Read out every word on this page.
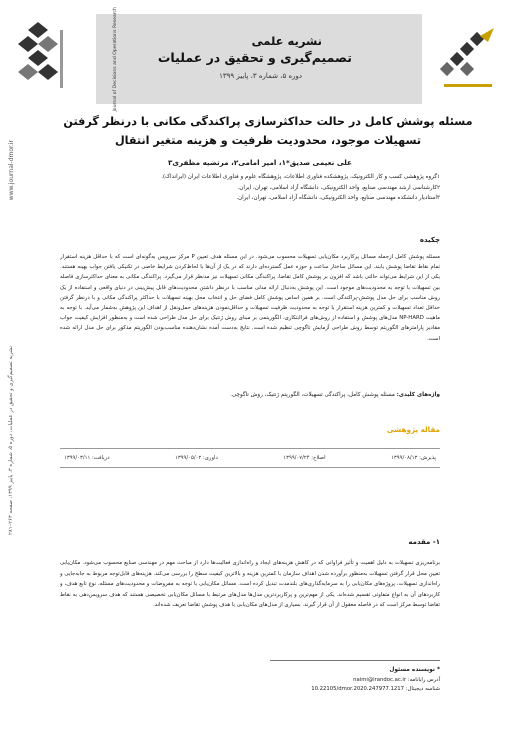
Journal of Decisions and Operations Research	نشریه علمی
تصمیم‌گیری و تحقیق در عملیات
دوره ۵، شماره ۳، پاییز ۱۳۹۹
www.journal-dmor.ir
نشریه تصمیم‌گیری و تحقیق در عملیات، دوره ۵، شماره ۳، پاییز ۱۳۹۹، صفحه ۲۶۳–۲۸۱
مسئله پوشش کامل در حالت حداکثرسازی پراکندگی مکانی با درنظر گرفتن تسهیلات موجود، محدودیت ظرفیت و هزینه متغیر انتقال
علی نعیمی صدیق*۱، امیر امامی۲، مرتضیه مظفری۳
۱گروه پژوهشی کسب و کار الکترونیک، پژوهشکده فناوری اطلاعات، پژوهشگاه علوم و فناوری اطلاعات ایران (ایرانداک).
۲کارشناسی ارشد مهندسی صنایع، واحد الکترونیکی، دانشگاه آزاد اسلامی، تهران، ایران.
۳استادیار دانشکده مهندسی صنایع، واحد الکترونیکی، دانشگاه آزاد اسلامی، تهران، ایران.
چکیده
مسئله پوشش کامل ازجمله مسائل پرکاربرد مکان‌یابی تسهیلات محسوب می‌شود. در این مسئله هدف تعیین P مرکز سرویس به‌گونه‌ای است که با حداقل هزینه استقرار تمام نقاط تقاضا پوشش یابند. این مسائل ساختار ساعت و حوزه عمل گسترده‌ای دارند که در یک از آن‌ها با لحاظ‌کردن شرایط خاصی در تکنیکی یافتن جواب بهینه هستند. یکی از این شرایط می‌تواند حالتی باشد که افزون بر پوشش کامل تقاضا، پراکندگی مکانی تسهیلات نیز مدنظر قرار می‌گیرد. پراکندگی مکانی به معنای حداکثرسازی فاصله بین تسهیلات با توجه به محدودیت‌های موجود است. این پوشش به‌دنبال ارائه مدلی مناسب با درنظر داشتن محدودیت‌های قابل پیش‌بینی در دنیای واقعی و استفاده از یک روش مناسب برای حل مدل پوشش-پراکندگی است. بر همین اساس پوشش کامل فضای حل و انتخاب محل بهینه تسهیلات با حداکثر پراکندگی مکانی و با درنظر گرفتن حداقل تعداد تسهیلات و کمترین هزینه استقرار با توجه به محدودیت ظرفیت تسهیلات و حداقل‌نمودن هزینه‌های حمل‌ونقل از اهداف این پژوهش به‌شمار می‌آید. با توجه به ماهیت NP-HARD مدل‌های پوشش و استفاده از روش‌های فراابتکاری، الگوریتمی بر مبنای روش ژنتیک برای حل مدل طراحی شده است و به‌منظور افزایش کیفیت جواب مقادیر پارامترهای الگوریتم توسط روش طراحی آزمایش تاگوچی تنظیم شده است. نتایج به‌دست آمده نشان‌دهنده مناسب‌بودن الگوریتم مذکور برای حل مدل ارائه شده است.
واژه‌های کلیدی: مسئله پوشش کامل، پراکندگی تسهیلات، الگوریتم ژنتیک، روش تاگوچی.
مقاله پژوهشی
دریافت: ۱۳۹۹/۰۳/۱۱	داوری: ۱۳۹۹/۰۵/۰۲	اصلاح: ۱۳۹۹/۰۷/۲۴	پذیرش: ۱۳۹۹/۰۸/۱۳
۱- مقدمه
برنامه‌ریزی تسهیلات به دلیل اهمیت و تأثیر فراوانی که در کاهش هزینه‌های ایجاد و راه‌اندازی فعالیت‌ها دارد از مباحث مهم در مهندسی صنایع محسوب می‌شود. مکان‌یابی تعیین محل قرار گرفتن تسهیلات به‌منظور برآورده شدن اهداف سازمان با کمترین هزینه و بالاترین کیفیت سطح را بررسی می‌کند. هزینه‌های قابل‌توجه مربوط به جابه‌جایی و راه‌اندازی تسهیلات، پروژه‌های مکان‌یابی را به سرمایه‌گذاری‌های بلندمدت تبدیل کرده است. مسائل مکان‌یابی با توجه به مفروضات و محدودیت‌های مسئله، نوع تابع هدف، و کاربردهای آن به انواع متفاوتی تقسیم شده‌اند. یکی از مهم‌ترین و پرکاربردترین مدل‌ها مدل‌های مرتبط با مسائل مکان‌یابی تخصیصی هستند که هدف سرویس‌دهی به نقاط تقاضا توسط مرکز است که در فاصله معقول از آن قرار گیرند. بسیاری از مدل‌های مکان‌یابی با هدف پوشش تقاضا تعریف شده‌اند.
* نویسنده مسئول
آدرس رایانامه: naimi@irandoc.ac.ir
شناسه دیجیتال: 10.22105/dmor.2020.247977.1217
